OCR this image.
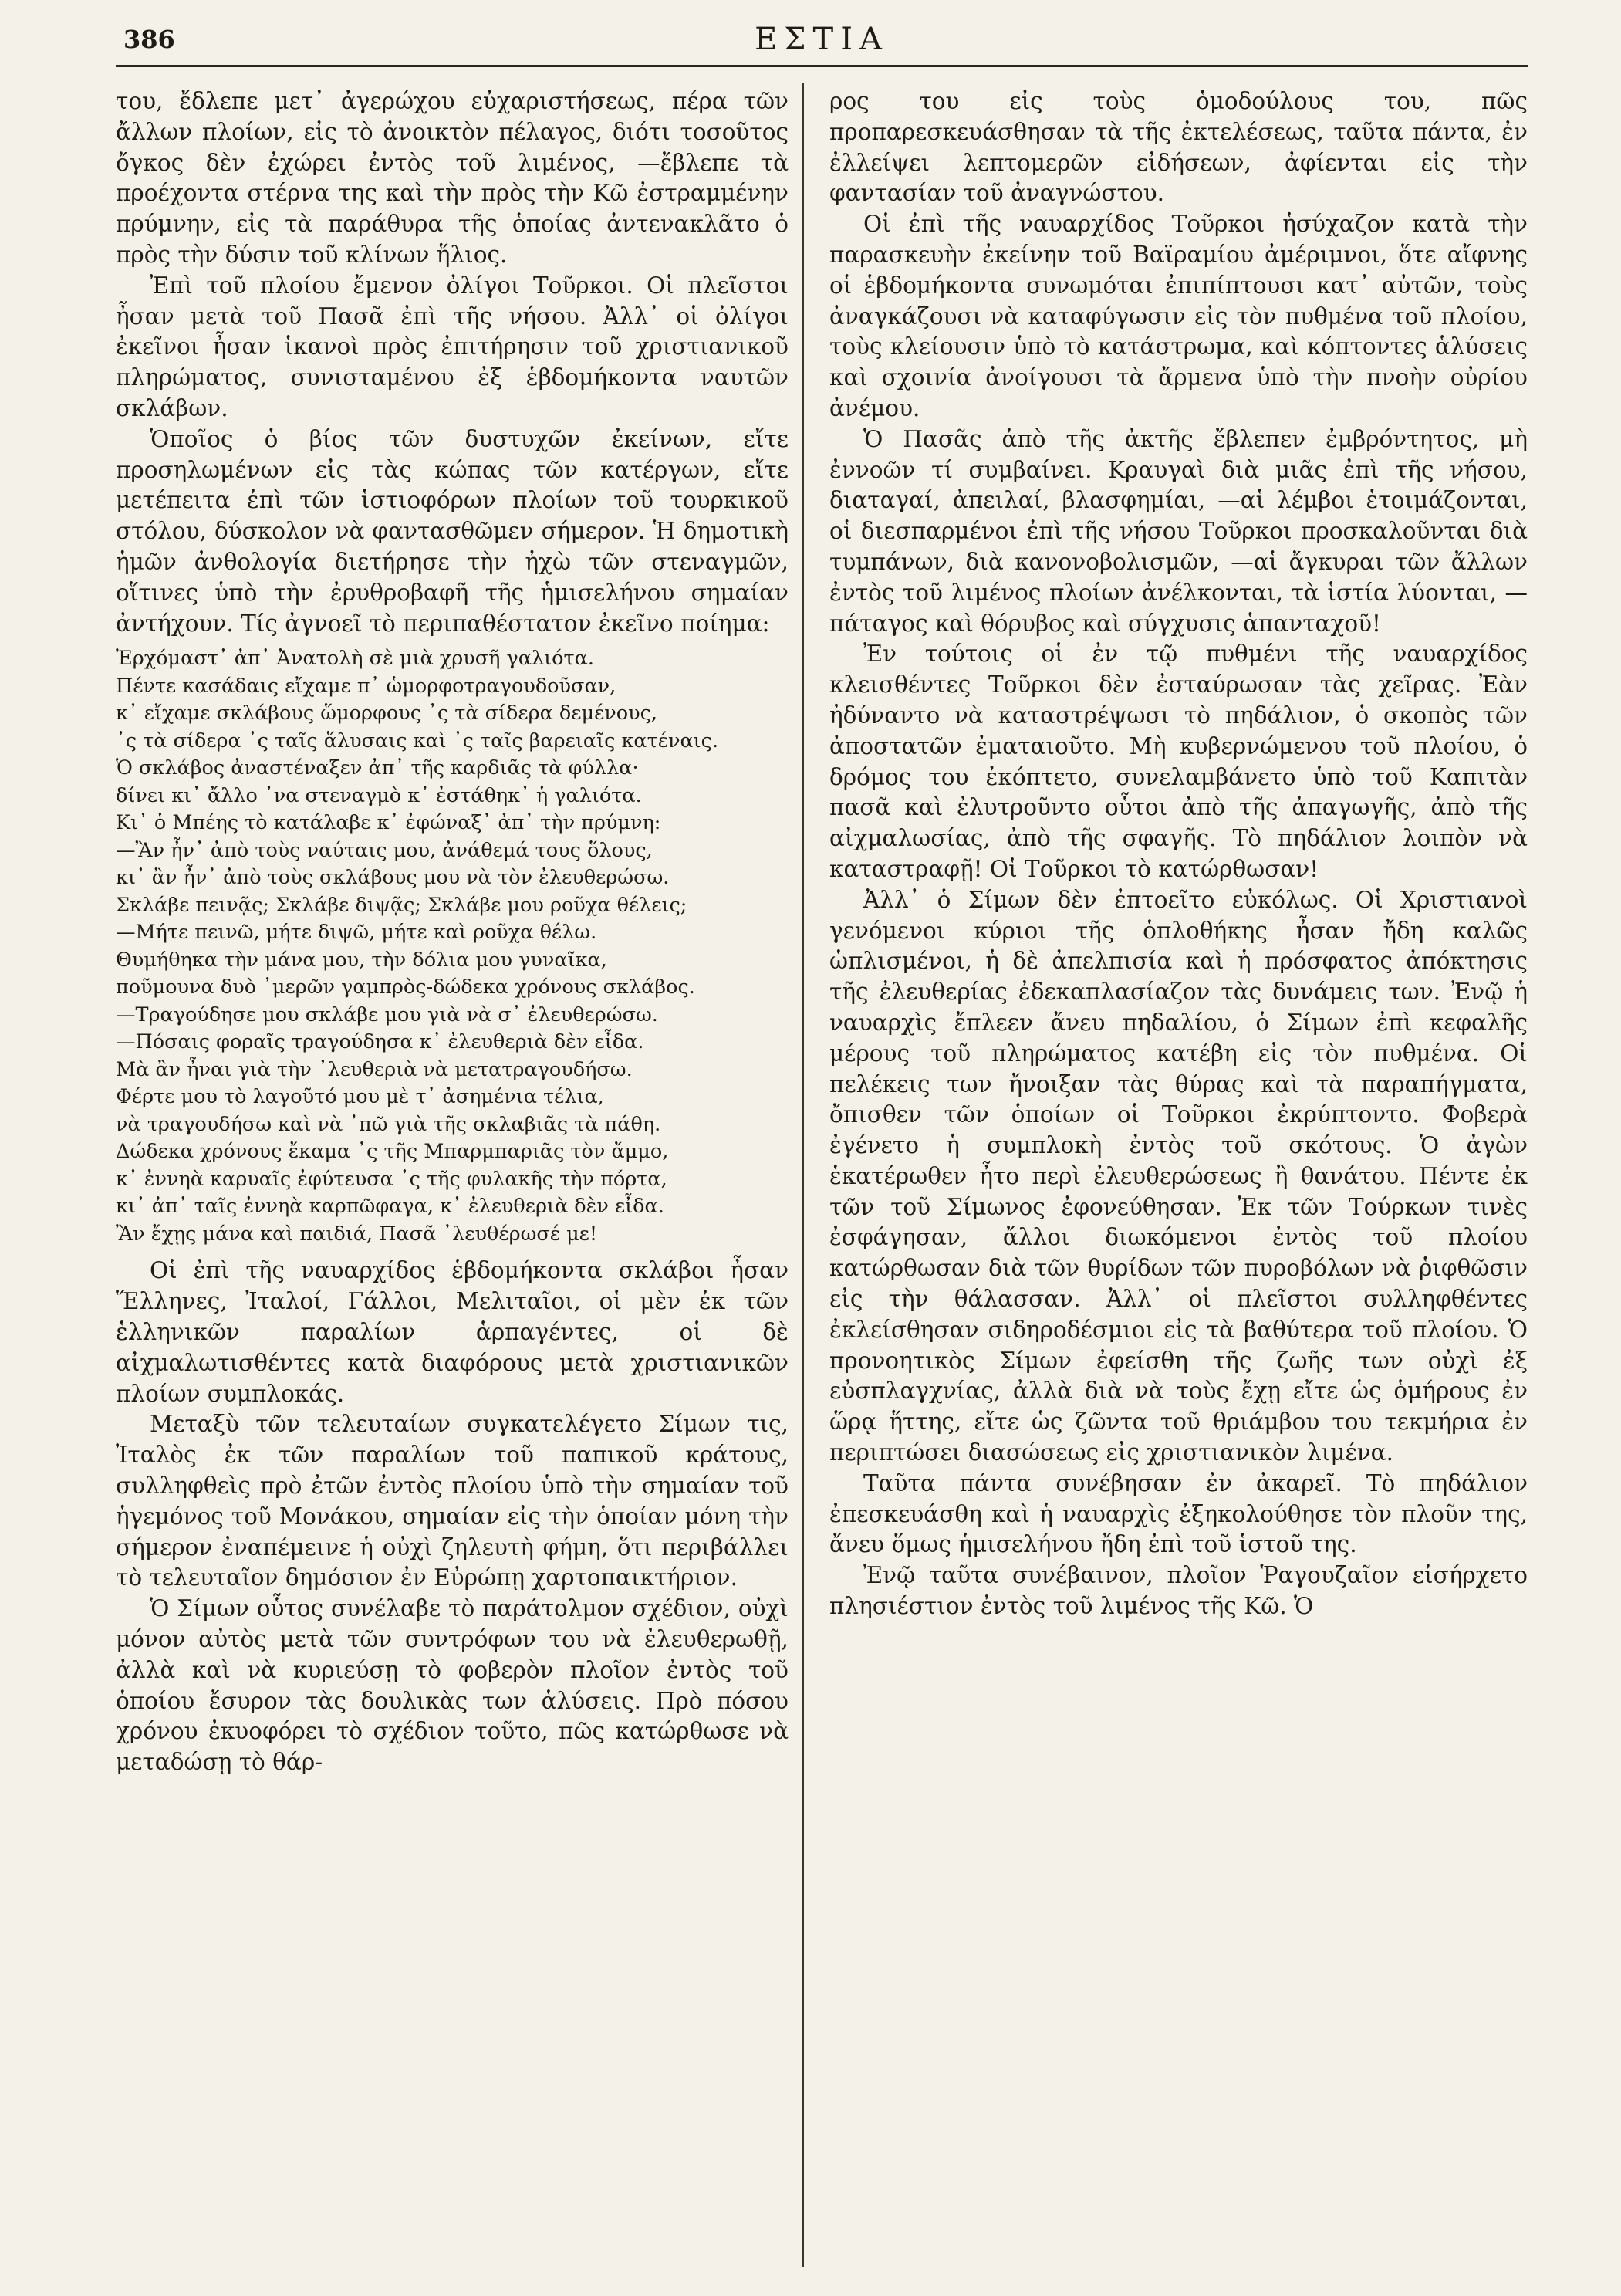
386	ΕΣΤΙΑ

του, ἔδλεπε μετ᾽ ἀγερώχου εὐχαριστήσεως, πέρα τῶν ἄλλων πλοίων, εἰς τὸ ἀνοικτὸν πέλαγος, διότι τοσοῦτος ὄγκος δὲν ἐχώρει ἐντὸς τοῦ λιμένος, —ἔβλεπε τὰ προέχοντα στέρνα της καὶ τὴν πρὸς τὴν Κῶ ἐστραμμένην πρύμνην, εἰς τὰ παράθυρα τῆς ὁποίας ἀντενακλᾶτο ὁ πρὸς τὴν δύσιν τοῦ κλίνων ἥλιος.

Ἐπὶ τοῦ πλοίου ἔμενον ὀλίγοι Τοῦρκοι. Οἱ πλεῖστοι ἦσαν μετὰ τοῦ Πασᾶ ἐπὶ τῆς νήσου. Ἀλλ᾽ οἱ ὀλίγοι ἐκεῖνοι ἦσαν ἱκανοὶ πρὸς ἐπιτήρησιν τοῦ χριστιανικοῦ πληρώματος, συνισταμένου ἐξ ἑβδομήκοντα ναυτῶν σκλάβων.

Ὁποῖος ὁ βίος τῶν δυστυχῶν ἐκείνων, εἴτε προσηλωμένων εἰς τὰς κώπας τῶν κατέργων, εἴτε μετέπειτα ἐπὶ τῶν ἱστιοφόρων πλοίων τοῦ τουρκικοῦ στόλου, δύσκολον νὰ φαντασθῶμεν σήμερον. Ἡ δημοτικὴ ἡμῶν ἀνθολογία διετήρησε τὴν ἠχὼ τῶν στεναγμῶν, οἵτινες ὑπὸ τὴν ἐρυθροβαφῆ τῆς ἡμισελήνου σημαίαν ἀντήχουν. Τίς ἀγνοεῖ τὸ περιπαθέστατον ἐκεῖνο ποίημα:

Ἐρχόμαστ᾽ ἀπ᾽ Ἀνατολὴ σὲ μιὰ χρυσῆ γαλιότα.
Πέντε κασάδαις εἴχαμε π᾽ ὡμορφοτραγουδοῦσαν,
κ᾽ εἴχαμε σκλάβους ὥμορφους ᾽ς τὰ σίδερα δεμένους,
᾽ς τὰ σίδερα ᾽ς ταῖς ἅλυσαις καὶ ᾽ς ταῖς βαρειαῖς κατέναις.
Ὁ σκλάβος ἀναστέναξεν ἀπ᾽ τῆς καρδιᾶς τὰ φύλλα·
δίνει κι᾽ ἄλλο ᾽να στεναγμὸ κ᾽ ἐστάθηκ᾽ ἡ γαλιότα.
Κι᾽ ὁ Μπέης τὸ κατάλαβε κ᾽ ἐφώναξ᾽ ἀπ᾽ τὴν πρύμνη:
—Ἂν ἦν᾽ ἀπὸ τοὺς ναύταις μου, ἀνάθεμά τους ὅλους,
κι᾽ ἂν ἦν᾽ ἀπὸ τοὺς σκλάβους μου νὰ τὸν ἐλευθερώσω.
Σκλάβε πεινᾷς; Σκλάβε διψᾷς; Σκλάβε μου ροῦχα θέλεις;
—Μήτε πεινῶ, μήτε διψῶ, μήτε καὶ ροῦχα θέλω.
Θυμήθηκα τὴν μάνα μου, τὴν δόλια μου γυναῖκα,
ποῦμουνα δυὸ ᾽μερῶν γαμπρὸς-δώδεκα χρόνους σκλάβος.
—Τραγούδησε μου σκλάβε μου γιὰ νὰ σ᾽ ἐλευθερώσω.
—Πόσαις φοραῖς τραγούδησα κ᾽ ἐλευθεριὰ δὲν εἶδα.
Μὰ ἂν ἦναι γιὰ τὴν ᾽λευθεριὰ νὰ μετατραγουδήσω.
Φέρτε μου τὸ λαγοῦτό μου μὲ τ᾽ ἀσημένια τέλια,
νὰ τραγουδήσω καὶ νὰ ᾽πῶ γιὰ τῆς σκλαβιᾶς τὰ πάθη.
Δώδεκα χρόνους ἔκαμα ᾽ς τῆς Μπαρμπαριᾶς τὸν ἄμμο,
κ᾽ ἐννηὰ καρυαῖς ἐφύτευσα ᾽ς τῆς φυλακῆς τὴν πόρτα,
κι᾽ ἀπ᾽ ταῖς ἐννηὰ καρπῶφαγα, κ᾽ ἐλευθεριὰ δὲν εἶδα.
Ἂν ἔχῃς μάνα καὶ παιδιά, Πασᾶ ᾽λευθέρωσέ με!

Οἱ ἐπὶ τῆς ναυαρχίδος ἑβδομήκοντα σκλάβοι ἦσαν Ἕλληνες, Ἰταλοί, Γάλλοι, Μελιταῖοι, οἱ μὲν ἐκ τῶν ἑλληνικῶν παραλίων ἁρπαγέντες, οἱ δὲ αἰχμαλωτισθέντες κατὰ διαφόρους μετὰ χριστιανικῶν πλοίων συμπλοκάς.

Μεταξὺ τῶν τελευταίων συγκατελέγετο Σίμων τις, Ἰταλὸς ἐκ τῶν παραλίων τοῦ παπικοῦ κράτους, συλληφθεὶς πρὸ ἐτῶν ἐντὸς πλοίου ὑπὸ τὴν σημαίαν τοῦ ἡγεμόνος τοῦ Μονάκου, σημαίαν εἰς τὴν ὁποίαν μόνη τὴν σήμερον ἐναπέμεινε ἡ οὐχὶ ζηλευτὴ φήμη, ὅτι περιβάλλει τὸ τελευταῖον δημόσιον ἐν Εὐρώπῃ χαρτοπαικτήριον.

Ὁ Σίμων οὗτος συνέλαβε τὸ παράτολμον σχέδιον, οὐχὶ μόνον αὐτὸς μετὰ τῶν συντρόφων του νὰ ἐλευθερωθῇ, ἀλλὰ καὶ νὰ κυριεύσῃ τὸ φοβερὸν πλοῖον ἐντὸς τοῦ ὁποίου ἔσυρον τὰς δουλικὰς των ἁλύσεις. Πρὸ πόσου χρόνου ἐκυοφόρει τὸ σχέδιον τοῦτο, πῶς κατώρθωσε νὰ μεταδώσῃ τὸ θάρ-

ρος του εἰς τοὺς ὁμοδούλους του, πῶς προπαρεσκευάσθησαν τὰ τῆς ἐκτελέσεως, ταῦτα πάντα, ἐν ἐλλείψει λεπτομερῶν εἰδήσεων, ἀφίενται εἰς τὴν φαντασίαν τοῦ ἀναγνώστου.

Οἱ ἐπὶ τῆς ναυαρχίδος Τοῦρκοι ἡσύχαζον κατὰ τὴν παρασκευὴν ἐκείνην τοῦ Βαϊραμίου ἀμέριμνοι, ὅτε αἴφνης οἱ ἑβδομήκοντα συνωμόται ἐπιπίπτουσι κατ᾽ αὐτῶν, τοὺς ἀναγκάζουσι νὰ καταφύγωσιν εἰς τὸν πυθμένα τοῦ πλοίου, τοὺς κλείουσιν ὑπὸ τὸ κατάστρωμα, καὶ κόπτοντες ἁλύσεις καὶ σχοινία ἀνοίγουσι τὰ ἄρμενα ὑπὸ τὴν πνοὴν οὐρίου ἀνέμου.

Ὁ Πασᾶς ἀπὸ τῆς ἀκτῆς ἔβλεπεν ἐμβρόντητος, μὴ ἐννοῶν τί συμβαίνει. Κραυγαὶ διὰ μιᾶς ἐπὶ τῆς νήσου, διαταγαί, ἀπειλαί, βλασφημίαι, —αἱ λέμβοι ἑτοιμάζονται, οἱ διεσπαρμένοι ἐπὶ τῆς νήσου Τοῦρκοι προσκαλοῦνται διὰ τυμπάνων, διὰ κανονοβολισμῶν, —αἱ ἄγκυραι τῶν ἄλλων ἐντὸς τοῦ λιμένος πλοίων ἀνέλκονται, τὰ ἱστία λύονται, — πάταγος καὶ θόρυβος καὶ σύγχυσις ἁπανταχοῦ!

Ἐν τούτοις οἱ ἐν τῷ πυθμένι τῆς ναυαρχίδος κλεισθέντες Τοῦρκοι δὲν ἐσταύρωσαν τὰς χεῖρας. Ἐὰν ἠδύναντο νὰ καταστρέψωσι τὸ πηδάλιον, ὁ σκοπὸς τῶν ἀποστατῶν ἐματαιοῦτο. Μὴ κυβερνώμενου τοῦ πλοίου, ὁ δρόμος του ἐκόπτετο, συνελαμβάνετο ὑπὸ τοῦ Καπιτὰν πασᾶ καὶ ἐλυτροῦντο οὗτοι ἀπὸ τῆς ἀπαγωγῆς, ἀπὸ τῆς αἰχμαλωσίας, ἀπὸ τῆς σφαγῆς. Τὸ πηδάλιον λοιπὸν νὰ καταστραφῇ! Οἱ Τοῦρκοι τὸ κατώρθωσαν!

Ἀλλ᾽ ὁ Σίμων δὲν ἐπτοεῖτο εὐκόλως. Οἱ Χριστιανοὶ γενόμενοι κύριοι τῆς ὁπλοθήκης ἦσαν ἤδη καλῶς ὡπλισμένοι, ἡ δὲ ἀπελπισία καὶ ἡ πρόσφατος ἀπόκτησις τῆς ἐλευθερίας ἐδεκαπλασίαζον τὰς δυνάμεις των. Ἐνῷ ἡ ναυαρχὶς ἔπλεεν ἄνευ πηδαλίου, ὁ Σίμων ἐπὶ κεφαλῆς μέρους τοῦ πληρώματος κατέβη εἰς τὸν πυθμένα. Οἱ πελέκεις των ἤνοιξαν τὰς θύρας καὶ τὰ παραπήγματα, ὄπισθεν τῶν ὁποίων οἱ Τοῦρκοι ἐκρύπτοντο. Φοβερὰ ἐγένετο ἡ συμπλοκὴ ἐντὸς τοῦ σκότους. Ὁ ἀγὼν ἑκατέρωθεν ἦτο περὶ ἐλευθερώσεως ἢ θανάτου. Πέντε ἐκ τῶν τοῦ Σίμωνος ἐφονεύθησαν. Ἐκ τῶν Τούρκων τινὲς ἐσφάγησαν, ἄλλοι διωκόμενοι ἐντὸς τοῦ πλοίου κατώρθωσαν διὰ τῶν θυρίδων τῶν πυροβόλων νὰ ῥιφθῶσιν εἰς τὴν θάλασσαν. Ἀλλ᾽ οἱ πλεῖστοι συλληφθέντες ἐκλείσθησαν σιδηροδέσμιοι εἰς τὰ βαθύτερα τοῦ πλοίου. Ὁ προνοητικὸς Σίμων ἐφείσθη τῆς ζωῆς των οὐχὶ ἐξ εὐσπλαγχνίας, ἀλλὰ διὰ νὰ τοὺς ἔχῃ εἴτε ὡς ὁμήρους ἐν ὥρᾳ ἥττης, εἴτε ὡς ζῶντα τοῦ θριάμβου του τεκμήρια ἐν περιπτώσει διασώσεως εἰς χριστιανικὸν λιμένα.

Ταῦτα πάντα συνέβησαν ἐν ἀκαρεῖ. Τὸ πηδάλιον ἐπεσκευάσθη καὶ ἡ ναυαρχὶς ἐξηκολούθησε τὸν πλοῦν της, ἄνευ ὅμως ἡμισελήνου ἤδη ἐπὶ τοῦ ἱστοῦ της.

Ἐνῷ ταῦτα συνέβαινον, πλοῖον Ῥαγουζαῖον εἰσήρχετο πλησιέστιον ἐντὸς τοῦ λιμένος τῆς Κῶ. Ὁ
